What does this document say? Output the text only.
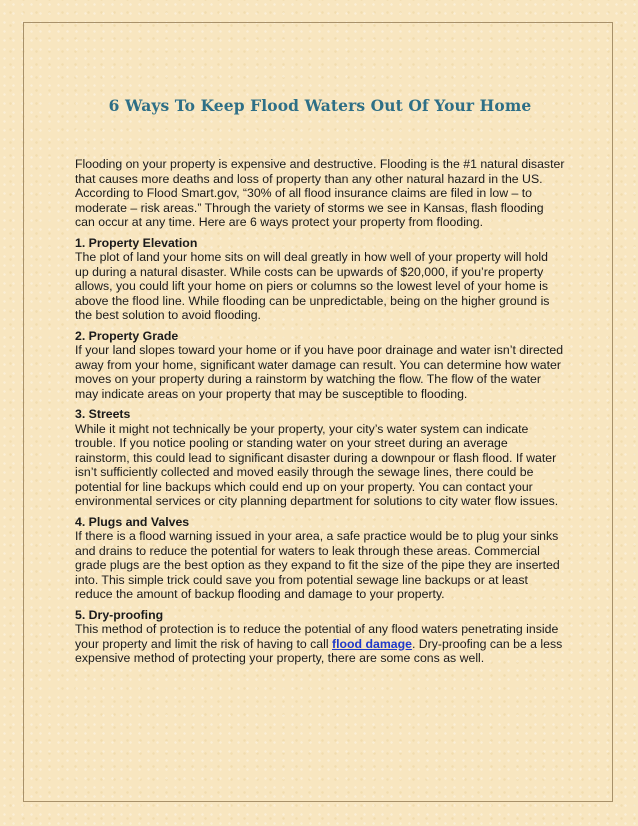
6 Ways To Keep Flood Waters Out Of Your Home

Flooding on your property is expensive and destructive. Flooding is the #1 natural disaster that causes more deaths and loss of property than any other natural hazard in the US. According to Flood Smart.gov, “30% of all flood insurance claims are filed in low – to moderate – risk areas.” Through the variety of storms we see in Kansas, flash flooding can occur at any time. Here are 6 ways protect your property from flooding.

1. Property Elevation
The plot of land your home sits on will deal greatly in how well of your property will hold up during a natural disaster. While costs can be upwards of $20,000, if you’re property allows, you could lift your home on piers or columns so the lowest level of your home is above the flood line. While flooding can be unpredictable, being on the higher ground is the best solution to avoid flooding.

2. Property Grade
If your land slopes toward your home or if you have poor drainage and water isn’t directed away from your home, significant water damage can result. You can determine how water moves on your property during a rainstorm by watching the flow. The flow of the water may indicate areas on your property that may be susceptible to flooding.

3. Streets
While it might not technically be your property, your city’s water system can indicate trouble. If you notice pooling or standing water on your street during an average rainstorm, this could lead to significant disaster during a downpour or flash flood. If water isn’t sufficiently collected and moved easily through the sewage lines, there could be potential for line backups which could end up on your property. You can contact your environmental services or city planning department for solutions to city water flow issues.

4. Plugs and Valves
If there is a flood warning issued in your area, a safe practice would be to plug your sinks and drains to reduce the potential for waters to leak through these areas. Commercial grade plugs are the best option as they expand to fit the size of the pipe they are inserted into. This simple trick could save you from potential sewage line backups or at least reduce the amount of backup flooding and damage to your property.

5. Dry-proofing
This method of protection is to reduce the potential of any flood waters penetrating inside your property and limit the risk of having to call flood damage. Dry-proofing can be a less expensive method of protecting your property, there are some cons as well.
